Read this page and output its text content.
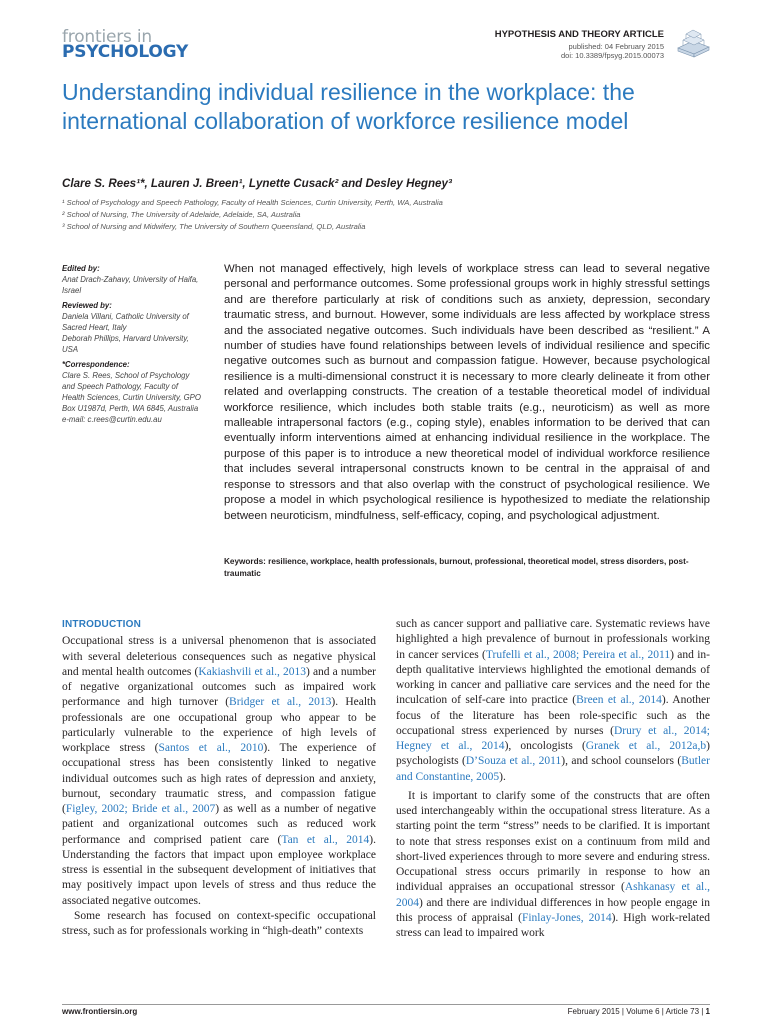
frontiers in
PSYCHOLOGY
HYPOTHESIS AND THEORY ARTICLE
published: 04 February 2015
doi: 10.3389/fpsyg.2015.00073
Understanding individual resilience in the workplace: the international collaboration of workforce resilience model
Clare S. Rees¹*, Lauren J. Breen¹, Lynette Cusack² and Desley Hegney³
¹ School of Psychology and Speech Pathology, Faculty of Health Sciences, Curtin University, Perth, WA, Australia
² School of Nursing, The University of Adelaide, Adelaide, SA, Australia
³ School of Nursing and Midwifery, The University of Southern Queensland, QLD, Australia
Edited by:
Anat Drach-Zahavy, University of Haifa, Israel
Reviewed by:
Daniela Villani, Catholic University of Sacred Heart, Italy
Deborah Phillips, Harvard University, USA
*Correspondence:
Clare S. Rees, School of Psychology and Speech Pathology, Faculty of Health Sciences, Curtin University, GPO Box U1987d, Perth, WA 6845, Australia
e-mail: c.rees@curtin.edu.au

When not managed effectively, high levels of workplace stress can lead to several negative personal and performance outcomes. Some professional groups work in highly stressful settings and are therefore particularly at risk of conditions such as anxiety, depression, secondary traumatic stress, and burnout. However, some individuals are less affected by workplace stress and the associated negative outcomes. Such individuals have been described as “resilient.” A number of studies have found relationships between levels of individual resilience and specific negative outcomes such as burnout and compassion fatigue. However, because psychological resilience is a multi-dimensional construct it is necessary to more clearly delineate it from other related and overlapping constructs. The creation of a testable theoretical model of individual workforce resilience, which includes both stable traits (e.g., neuroticism) as well as more malleable intrapersonal factors (e.g., coping style), enables information to be derived that can eventually inform interventions aimed at enhancing individual resilience in the workplace. The purpose of this paper is to introduce a new theoretical model of individual workforce resilience that includes several intrapersonal constructs known to be central in the appraisal of and response to stressors and that also overlap with the construct of psychological resilience. We propose a model in which psychological resilience is hypothesized to mediate the relationship between neuroticism, mindfulness, self-efficacy, coping, and psychological adjustment.

Keywords: resilience, workplace, health professionals, burnout, professional, theoretical model, stress disorders, post-traumatic
INTRODUCTION

Occupational stress is a universal phenomenon that is associated with several deleterious consequences such as negative physical and mental health outcomes (Kakiashvili et al., 2013) and a number of negative organizational outcomes such as impaired work performance and high turnover (Bridger et al., 2013). Health professionals are one occupational group who appear to be particularly vulnerable to the experience of high levels of workplace stress (Santos et al., 2010). The experience of occupational stress has been consistently linked to negative individual outcomes such as high rates of depression and anxiety, burnout, secondary traumatic stress, and compassion fatigue (Figley, 2002; Bride et al., 2007) as well as a number of negative patient and organizational outcomes such as reduced work performance and comprised patient care (Tan et al., 2014). Understanding the factors that impact upon employee workplace stress is essential in the subsequent development of initiatives that may positively impact upon levels of stress and thus reduce the associated negative outcomes.

Some research has focused on context-specific occupational stress, such as for professionals working in “high-death” contexts

such as cancer support and palliative care. Systematic reviews have highlighted a high prevalence of burnout in professionals working in cancer services (Trufelli et al., 2008; Pereira et al., 2011) and in-depth qualitative interviews highlighted the emotional demands of working in cancer and palliative care services and the need for the inculcation of self-care into practice (Breen et al., 2014). Another focus of the literature has been role-specific such as the occupational stress experienced by nurses (Drury et al., 2014; Hegney et al., 2014), oncologists (Granek et al., 2012a,b) psychologists (D’Souza et al., 2011), and school counselors (Butler and Constantine, 2005).

It is important to clarify some of the constructs that are often used interchangeably within the occupational stress literature. As a starting point the term “stress” needs to be clarified. It is important to note that stress responses exist on a continuum from mild and short-lived experiences through to more severe and enduring stress. Occupational stress occurs primarily in response to how an individual appraises an occupational stressor (Ashkanasy et al., 2004) and there are individual differences in how people engage in this process of appraisal (Finlay-Jones, 2014). High work-related stress can lead to impaired work

www.frontiersin.org	February 2015 | Volume 6 | Article 73 | 1
